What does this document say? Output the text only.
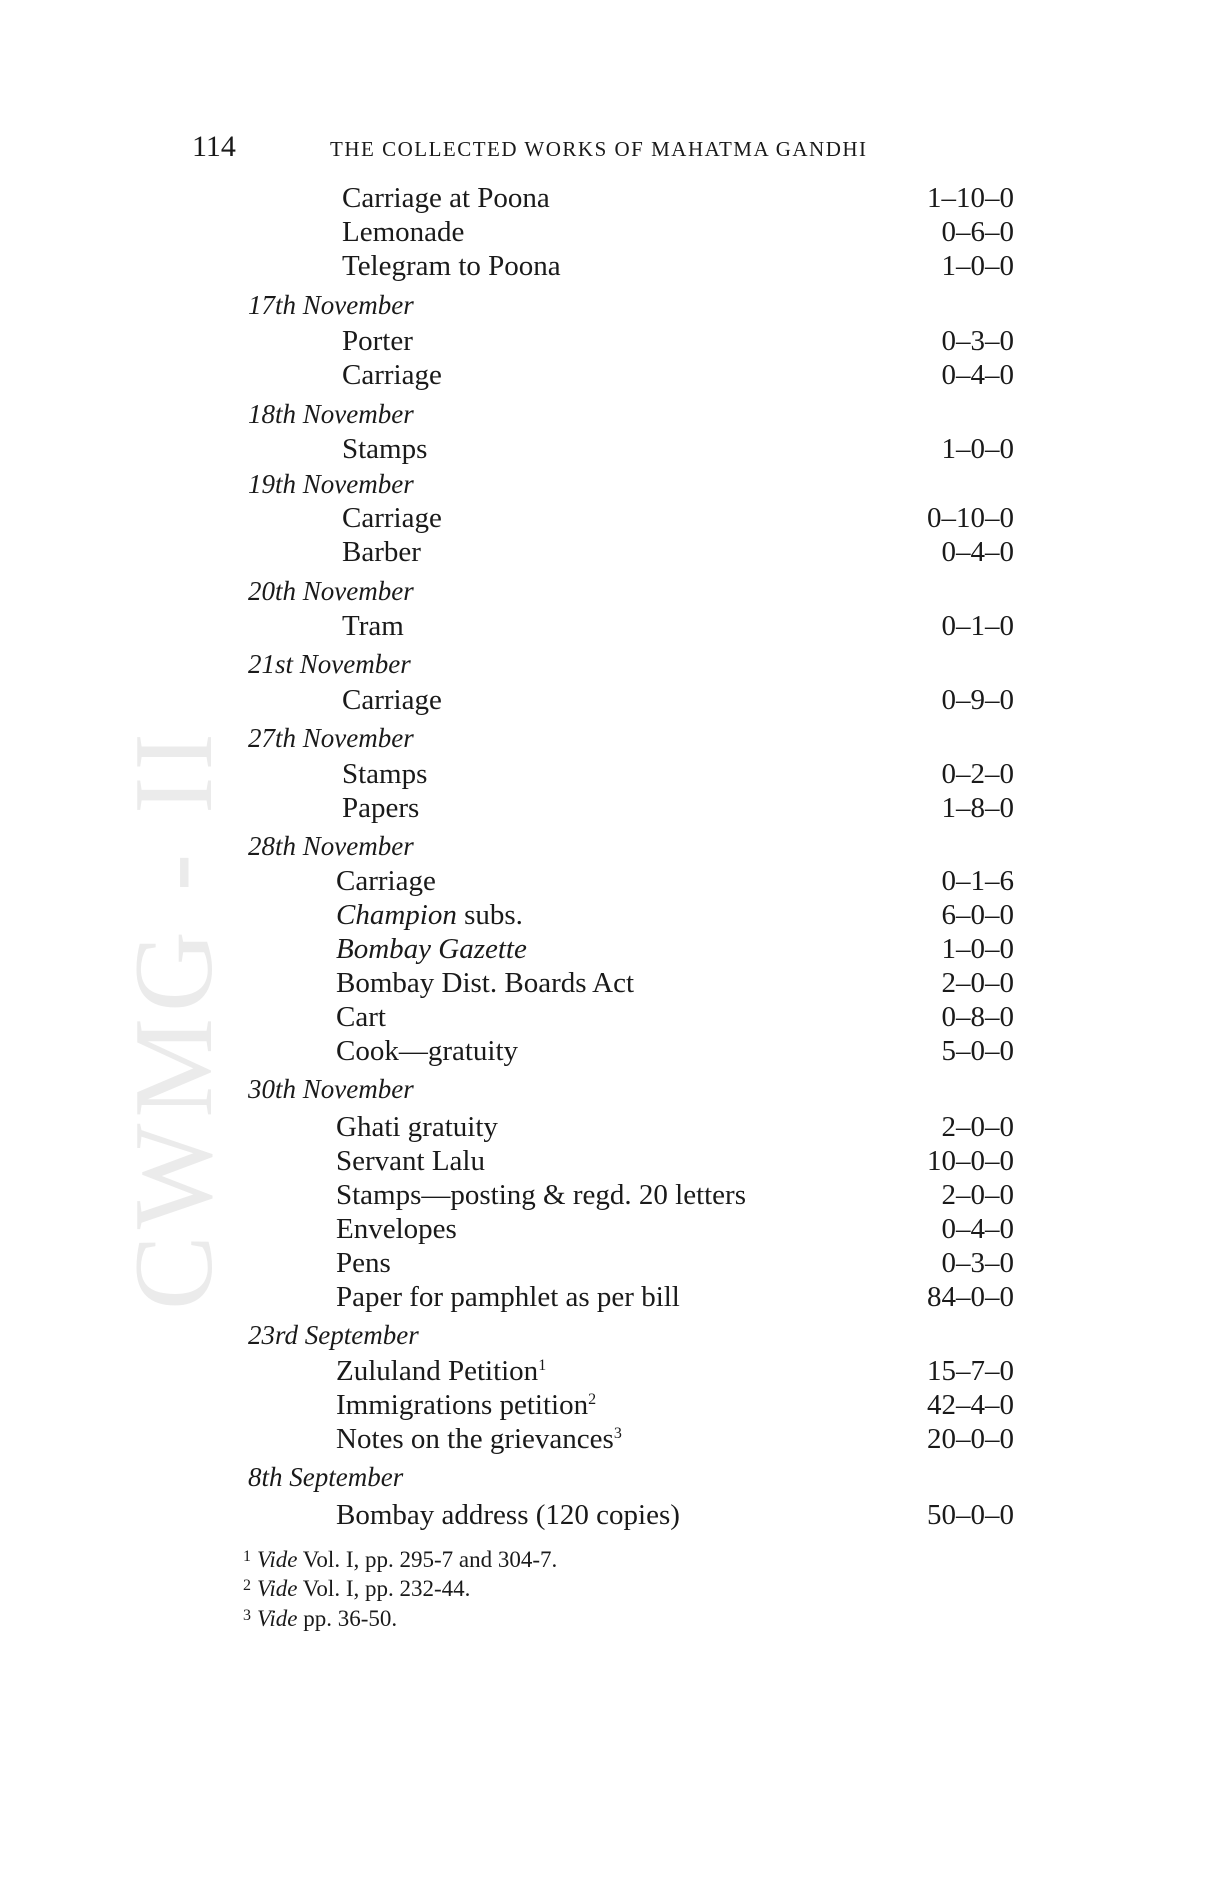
CWMG - II
114	THE COLLECTED WORKS OF MAHATMA GANDHI
Carriage at Poona	1–10–0
Lemonade	0–6–0
Telegram to Poona	1–0–0
17th November
Porter	0–3–0
Carriage	0–4–0
18th November
Stamps	1–0–0
19th November
Carriage	0–10–0
Barber	0–4–0
20th November
Tram	0–1–0
21st November
Carriage	0–9–0
27th November
Stamps	0–2–0
Papers	1–8–0
28th November
Carriage	0–1–6
Champion subs.	6–0–0
Bombay Gazette	1–0–0
Bombay Dist. Boards Act	2–0–0
Cart	0–8–0
Cook—gratuity	5–0–0
30th November
Ghati gratuity	2–0–0
Servant Lalu	10–0–0
Stamps—posting & regd. 20 letters	2–0–0
Envelopes	0–4–0
Pens	0–3–0
Paper for pamphlet as per bill	84–0–0
23rd September
Zululand Petition$^1$	15–7–0
Immigrations petition$^2$	42–4–0
Notes on the grievances$^3$	20–0–0
8th September
Bombay address (120 copies)	50–0–0
$^1$ Vide Vol. I, pp. 295-7 and 304-7.
$^2$ Vide Vol. I, pp. 232-44.
$^3$ Vide pp. 36-50.
